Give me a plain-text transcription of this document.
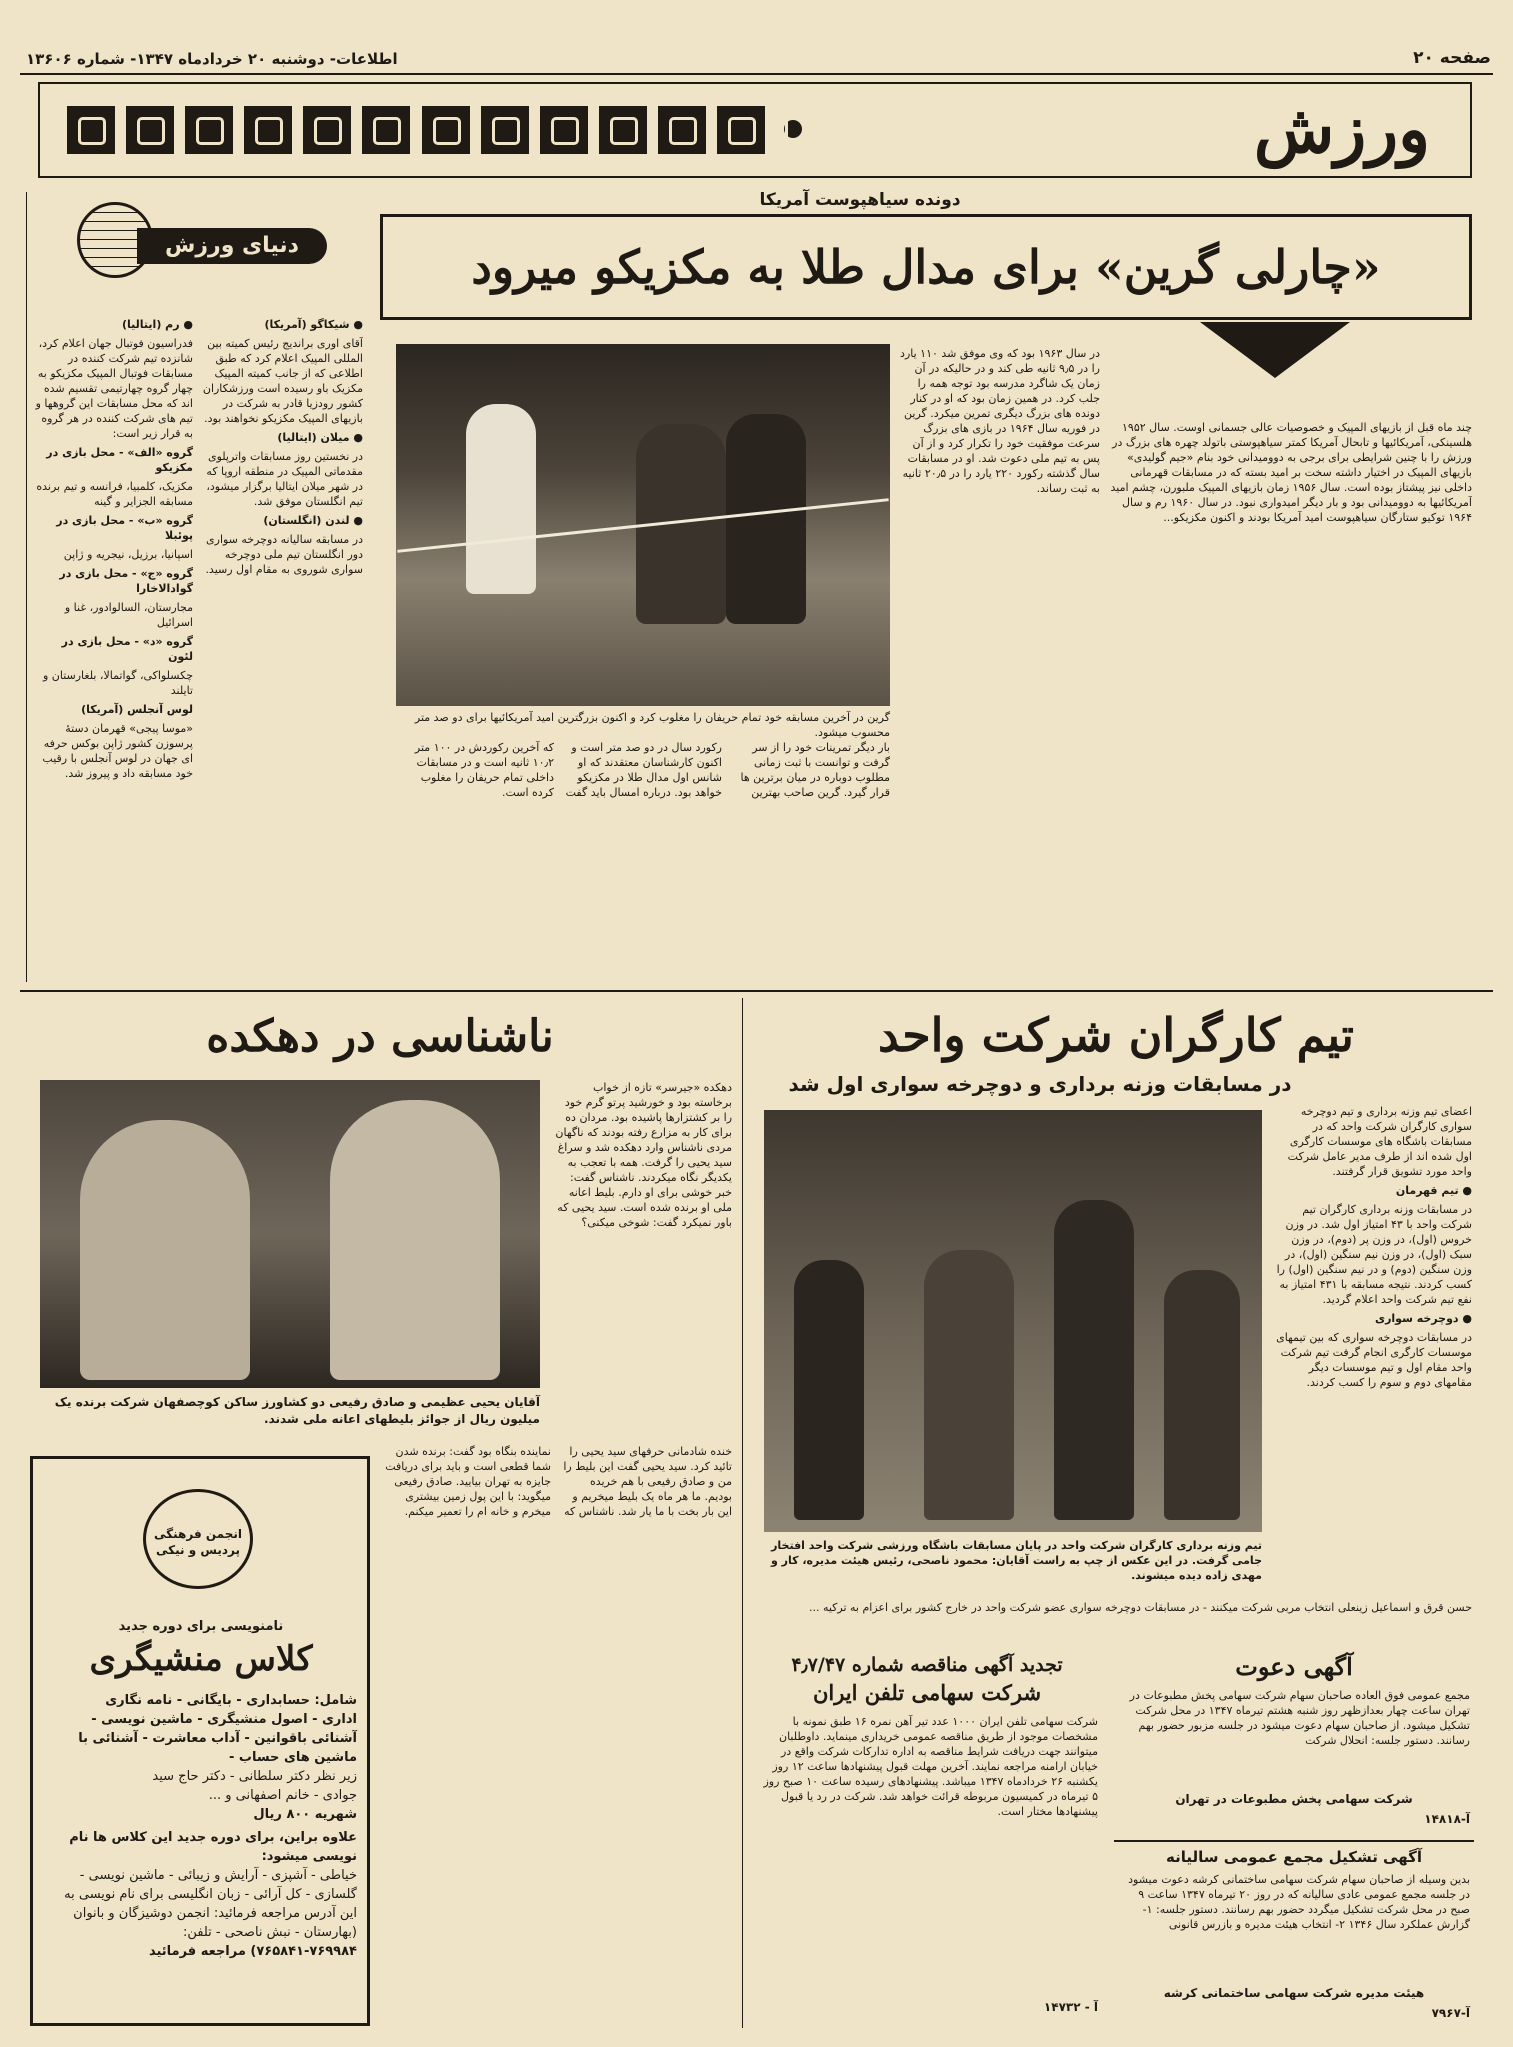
صفحه ۲۰
اطلاعات- دوشنبه ۲۰ خردادماه ۱۳۴۷- شماره ۱۳۶۰۶
ورزش

دنیای ورزش

● شیکاگو (آمریکا)

آقای اوری براندیج رئیس کمیته بین المللی المپیک اعلام کرد که طبق اطلاعی که از جانب کمیته المپیک مکزیک باو رسیده است ورزشکاران کشور رودزیا قادر به شرکت در بازیهای المپیک مکزیکو نخواهند بود.

● میلان (ایتالیا)

در نخستین روز مسابقات واترپلوی مقدماتی المپیک در منطقه اروپا که در شهر میلان ایتالیا برگزار میشود، تیم انگلستان موفق شد.

● لندن (انگلستان)

در مسابقه سالیانه دوچرخه سواری دور انگلستان تیم ملی دوچرخه سواری شوروی به مقام اول رسید.

● رم (ایتالیا)

فدراسیون فوتبال جهان اعلام کرد، شانزده تیم شرکت کننده در مسابقات فوتبال المپیک مکزیکو به چهار گروه چهارتیمی تقسیم شده اند که محل مسابقات این گروهها و تیم های شرکت کننده در هر گروه به قرار زیر است:

گروه «الف» - محل بازی در مکزیکو

مکزیک، کلمبیا، فرانسه و تیم برنده مسابقه الجزایر و گینه

گروه «ب» - محل بازی در پوئبلا

اسپانیا، برزیل، نیجریه و ژاپن

گروه «ج» - محل بازی در گوادالاخارا

مجارستان، السالوادور، غنا و اسرائیل

گروه «د» - محل بازی در لئون

چکسلواکی، گواتمالا، بلغارستان و تایلند

لوس آنجلس (آمریکا)

«موسا پیجی» قهرمان دستهٔ پرسوزن کشور ژاپن بوکس حرفه ای جهان در لوس آنجلس با رقیب خود مسابقه داد و پیروز شد.

دونده سیاهپوست آمریکا
«چارلی گرین» برای مدال طلا به مکزیکو میرود
گرین در آخرین مسابقه خود تمام حریفان را مغلوب کرد و اکنون بزرگترین امید آمریکائیها برای دو صد متر محسوب میشود.
در سال ۱۹۶۳ بود که وی موفق شد ۱۱۰ یارد را در ۹٫۵ ثانیه طی کند و در حالیکه در آن زمان یک شاگرد مدرسه بود توجه همه را جلب کرد. در همین زمان بود که او در کنار دونده های بزرگ دیگری تمرین میکرد. گرین در فوریه سال ۱۹۶۴ در بازی های بزرگ سرعت موفقیت خود را تکرار کرد و از آن پس به تیم ملی دعوت شد. او در مسابقات سال گذشته رکورد ۲۲۰ یارد را در ۲۰٫۵ ثانیه به ثبت رساند.
چند ماه قبل از بازیهای المپیک و خصوصیات عالی جسمانی اوست. سال ۱۹۵۲ هلسینکی، آمریکائیها و تابحال آمریکا کمتر سیاهپوستی باتولد چهره های بزرگ در ورزش را با چنین شرایطی برای برجی به دوومیدانی خود بنام «جیم گولیدی» بازیهای المپیک در اختیار داشته سخت بر امید بسته که در مسابقات قهرمانی داخلی نیز پیشتاز بوده است. سال ۱۹۵۶ زمان بازیهای المپیک ملبورن، چشم امید آمریکائیها به دوومیدانی بود و بار دیگر امیدواری نبود. در سال ۱۹۶۰ رم و سال ۱۹۶۴ توکیو ستارگان سیاهپوست امید آمریکا بودند و اکنون مکزیکو...
بار دیگر تمرینات خود را از سر گرفت و توانست با ثبت زمانی مطلوب دوباره در میان برترین ها قرار گیرد. گرین صاحب بهترین رکورد سال در دو صد متر است و اکنون کارشناسان معتقدند که او شانس اول مدال طلا در مکزیکو خواهد بود. درباره امسال باید گفت که آخرین رکوردش در ۱۰۰ متر ۱۰٫۲ ثانیه است و در مسابقات داخلی تمام حریفان را مغلوب کرده است.
تیم کارگران شرکت واحد
در مسابقات وزنه برداری و دوچرخه سواری اول شد
تیم وزنه برداری کارگران شرکت واحد در پایان مسابقات باشگاه ورزشی شرکت واحد افتخار جامی گرفت. در این عکس از چپ به راست آقایان: محمود ناصحی، رئیس هیئت مدیره، کار و مهدی زاده دیده میشوند.
حسن قرق و اسماعیل زینعلی انتخاب مربی شرکت میکنند - در مسابقات دوچرخه سواری عضو شرکت واحد در خارج کشور برای اعزام به ترکیه ...

اعضای تیم وزنه برداری و تیم دوچرخه سواری کارگران شرکت واحد که در مسابقات باشگاه های موسسات کارگری اول شده اند از طرف مدیر عامل شرکت واحد مورد تشویق قرار گرفتند.

● تیم قهرمان

در مسابقات وزنه برداری کارگران تیم شرکت واحد با ۴۳ امتیاز اول شد. در وزن خروس (اول)، در وزن پر (دوم)، در وزن سبک (اول)، در وزن نیم سنگین (اول)، در وزن سنگین (دوم) و در نیم سنگین (اول) را کسب کردند. نتیجه مسابقه با ۴۳۱ امتیاز به نفع تیم شرکت واحد اعلام گردید.

● دوچرخه سواری

در مسابقات دوچرخه سواری که بین تیمهای موسسات کارگری انجام گرفت تیم شرکت واحد مقام اول و تیم موسسات دیگر مقامهای دوم و سوم را کسب کردند.

ناشناسی در دهکده
آقایان یحیی عظیمی و صادق رفیعی دو کشاورز ساکن کوچصفهان شرکت برنده یک میلیون ریال از جوائز بلیطهای اعانه ملی شدند.
دهکده «جیرسر» تازه از خواب برخاسته بود و خورشید پرتو گرم خود را بر کشتزارها پاشیده بود. مردان ده برای کار به مزارع رفته بودند که ناگهان مردی ناشناس وارد دهکده شد و سراغ سید یحیی را گرفت. همه با تعجب به یکدیگر نگاه میکردند. ناشناس گفت: خبر خوشی برای او دارم. بلیط اعانه ملی او برنده شده است. سید یحیی که باور نمیکرد گفت: شوخی میکنی؟
خنده شادمانی حرفهای سید یحیی را تائید کرد. سید یحیی گفت این بلیط را من و صادق رفیعی با هم خریده بودیم. ما هر ماه یک بلیط میخریم و این بار بخت با ما یار شد. ناشناس که نماینده بنگاه بود گفت: برنده شدن شما قطعی است و باید برای دریافت جایزه به تهران بیایید. صادق رفیعی میگوید: با این پول زمین بیشتری میخرم و خانه ام را تعمیر میکنم.
انجمن فرهنگی پردیس و نیکی
نامنویسی برای دوره جدید
کلاس منشیگری
شامل: حسابداری - بایگانی - نامه نگاری
اداری - اصول منشیگری - ماشین نویسی -
آشنائی باقوانین - آداب معاشرت - آشنائی با
ماشین های حساب -
زیر نظر دکتر سلطانی - دکتر حاج سید
جوادی - خانم اصفهانی و ...
شهریه ۸۰۰ ریال
علاوه براین، برای دوره جدید این کلاس ها نام نویسی میشود:
خیاطی - آشپزی - آرایش و زیبائی - ماشین نویسی - گلسازی - کل آرائی - زبان انگلیسی برای نام نویسی به این آدرس مراجعه فرمائید: انجمن دوشیزگان و بانوان (بهارستان - نبش ناصحی - تلفن:
۷۶۵۸۴۱-۷۶۹۹۸۴) مراجعه فرمائید
تجدید آگهی مناقصه شماره ۴٫۷/۴۷
شرکت سهامی تلفن ایران
شرکت سهامی تلفن ایران ۱۰۰۰ عدد تیر آهن نمره ۱۶ طبق نمونه با مشخصات موجود از طریق مناقصه عمومی خریداری مینماید. داوطلبان میتوانند جهت دریافت شرایط مناقصه به اداره تدارکات شرکت واقع در خیابان ارامنه مراجعه نمایند. آخرین مهلت قبول پیشنهادها ساعت ۱۲ روز یکشنبه ۲۶ خردادماه ۱۳۴۷ میباشد. پیشنهادهای رسیده ساعت ۱۰ صبح روز ۵ تیرماه در کمیسیون مربوطه قرائت خواهد شد. شرکت در رد یا قبول پیشنهادها مختار است.
آ - ۱۴۷۳۲
آگهی دعوت
مجمع عمومی فوق العاده صاحبان سهام شرکت سهامی پخش مطبوعات در تهران ساعت چهار بعدازظهر روز شنبه هشتم تیرماه ۱۳۴۷ در محل شرکت تشکیل میشود. از صاحبان سهام دعوت میشود در جلسه مزبور حضور بهم رسانند. دستور جلسه: انحلال شرکت
شرکت سهامی پخش مطبوعات در تهران
آ-۱۴۸۱۸
آگهی تشکیل مجمع عمومی سالیانه
بدین وسیله از صاحبان سهام شرکت سهامی ساختمانی کرشه دعوت میشود در جلسه مجمع عمومی عادی سالیانه که در روز ۲۰ تیرماه ۱۳۴۷ ساعت ۹ صبح در محل شرکت تشکیل میگردد حضور بهم رسانند. دستور جلسه: ۱- گزارش عملکرد سال ۱۳۴۶ ۲- انتخاب هیئت مدیره و بازرس قانونی
هیئت مدیره شرکت سهامی ساختمانی کرشه
آ-۷۹۶۷
